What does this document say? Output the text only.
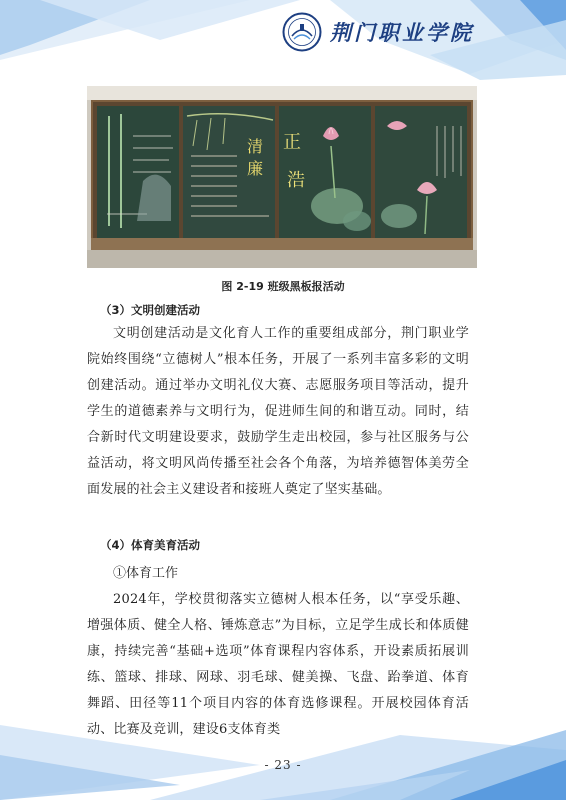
荆门职业学院
清
廉
正
浩
图 2-19 班级黑板报活动
（3）文明创建活动
文明创建活动是文化育人工作的重要组成部分，荆门职业学院始终围绕“立德树人”根本任务，开展了一系列丰富多彩的文明创建活动。通过举办文明礼仪大赛、志愿服务项目等活动，提升学生的道德素养与文明行为，促进师生间的和谐互动。同时，结合新时代文明建设要求，鼓励学生走出校园，参与社区服务与公益活动，将文明风尚传播至社会各个角落，为培养德智体美劳全面发展的社会主义建设者和接班人奠定了坚实基础。
（4）体育美育活动
①体育工作
2024年，学校贯彻落实立德树人根本任务，以“享受乐趣、增强体质、健全人格、锤炼意志”为目标，立足学生成长和体质健康，持续完善“基础+选项”体育课程内容体系，开设素质拓展训练、篮球、排球、网球、羽毛球、健美操、飞盘、跆拳道、体育舞蹈、田径等11个项目内容的体育选修课程。开展校园体育活动、比赛及竞训，建设6支体育类
- 23 -
